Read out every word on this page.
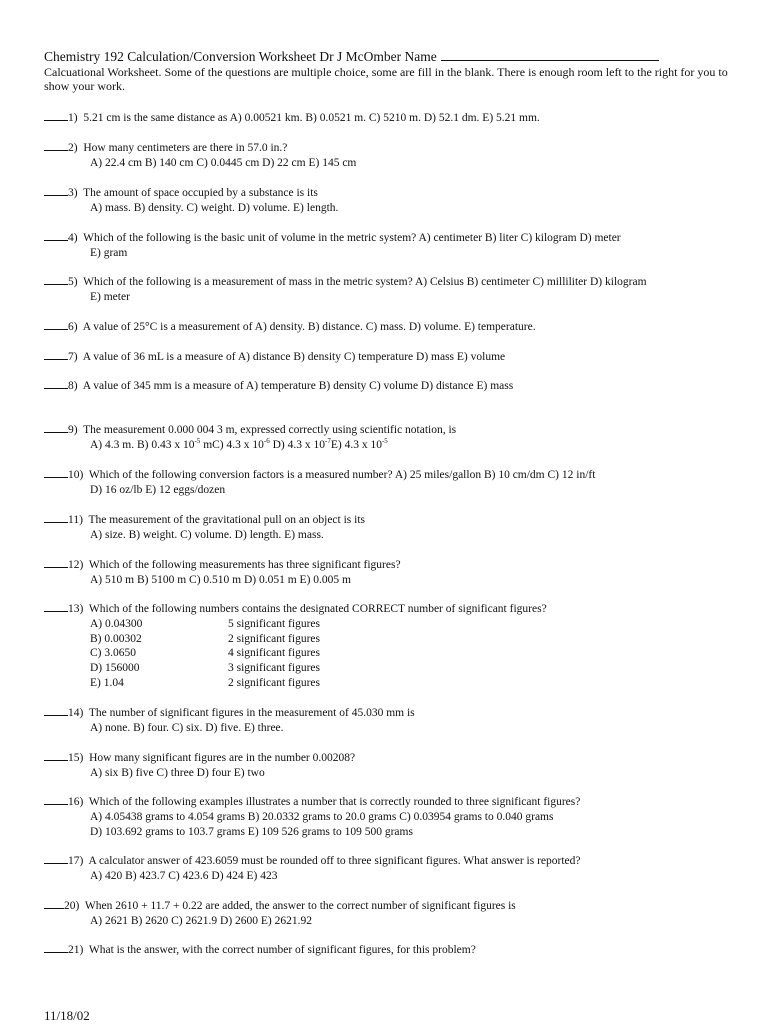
Chemistry 192 Calculation/Conversion Worksheet Dr J McOmber Name
Calcuational Worksheet. Some of the questions are multiple choice, some are fill in the blank. There is enough room left to the right for you to show your work.
1) 5.21 cm is the same distance as A) 0.00521 km. B) 0.0521 m. C) 5210 m. D) 52.1 dm. E) 5.21 mm.
2) How many centimeters are there in 57.0 in.?
A) 22.4 cm B) 140 cm C) 0.0445 cm D) 22 cm E) 145 cm
3) The amount of space occupied by a substance is its
A) mass. B) density. C) weight. D) volume. E) length.
4) Which of the following is the basic unit of volume in the metric system? A) centimeter B) liter C) kilogram D) meter
E) gram
5) Which of the following is a measurement of mass in the metric system? A) Celsius B) centimeter C) milliliter D) kilogram
E) meter
6) A value of 25°C is a measurement of A) density. B) distance. C) mass. D) volume. E) temperature.
7) A value of 36 mL is a measure of A) distance B) density C) temperature D) mass E) volume
8) A value of 345 mm is a measure of A) temperature B) density C) volume D) distance E) mass
9) The measurement 0.000 004 3 m, expressed correctly using scientific notation, is
A) 4.3 m. B) 0.43 x $10^{-5}$ mC) 4.3 x $10^{-6}$ D) 4.3 x $10^{-7}E$) 4.3 x $10^{-5}$
10) Which of the following conversion factors is a measured number? A) 25 miles/gallon B) 10 cm/dm C) 12 in/ft
D) 16 oz/lb E) 12 eggs/dozen
11) The measurement of the gravitational pull on an object is its
A) size. B) weight. C) volume. D) length. E) mass.
12) Which of the following measurements has three significant figures?
A) 510 m B) 5100 m C) 0.510 m D) 0.051 m E) 0.005 m
13) Which of the following numbers contains the designated CORRECT number of significant figures?
A) 0.04300	5 significant figures
B) 0.00302	2 significant figures
C) 3.0650	4 significant figures
D) 156000	3 significant figures
E) 1.04	2 significant figures
14) The number of significant figures in the measurement of 45.030 mm is
A) none. B) four. C) six. D) five. E) three.
15) How many significant figures are in the number 0.00208?
A) six B) five C) three D) four E) two
16) Which of the following examples illustrates a number that is correctly rounded to three significant figures?
A) 4.05438 grams to 4.054 grams B) 20.0332 grams to 20.0 grams C) 0.03954 grams to 0.040 grams
D) 103.692 grams to 103.7 grams E) 109 526 grams to 109 500 grams
17) A calculator answer of 423.6059 must be rounded off to three significant figures. What answer is reported?
A) 420 B) 423.7 C) 423.6 D) 424 E) 423
20) When 2610 + 11.7 + 0.22 are added, the answer to the correct number of significant figures is
A) 2621 B) 2620 C) 2621.9 D) 2600 E) 2621.92
21) What is the answer, with the correct number of significant figures, for this problem?
11/18/02
